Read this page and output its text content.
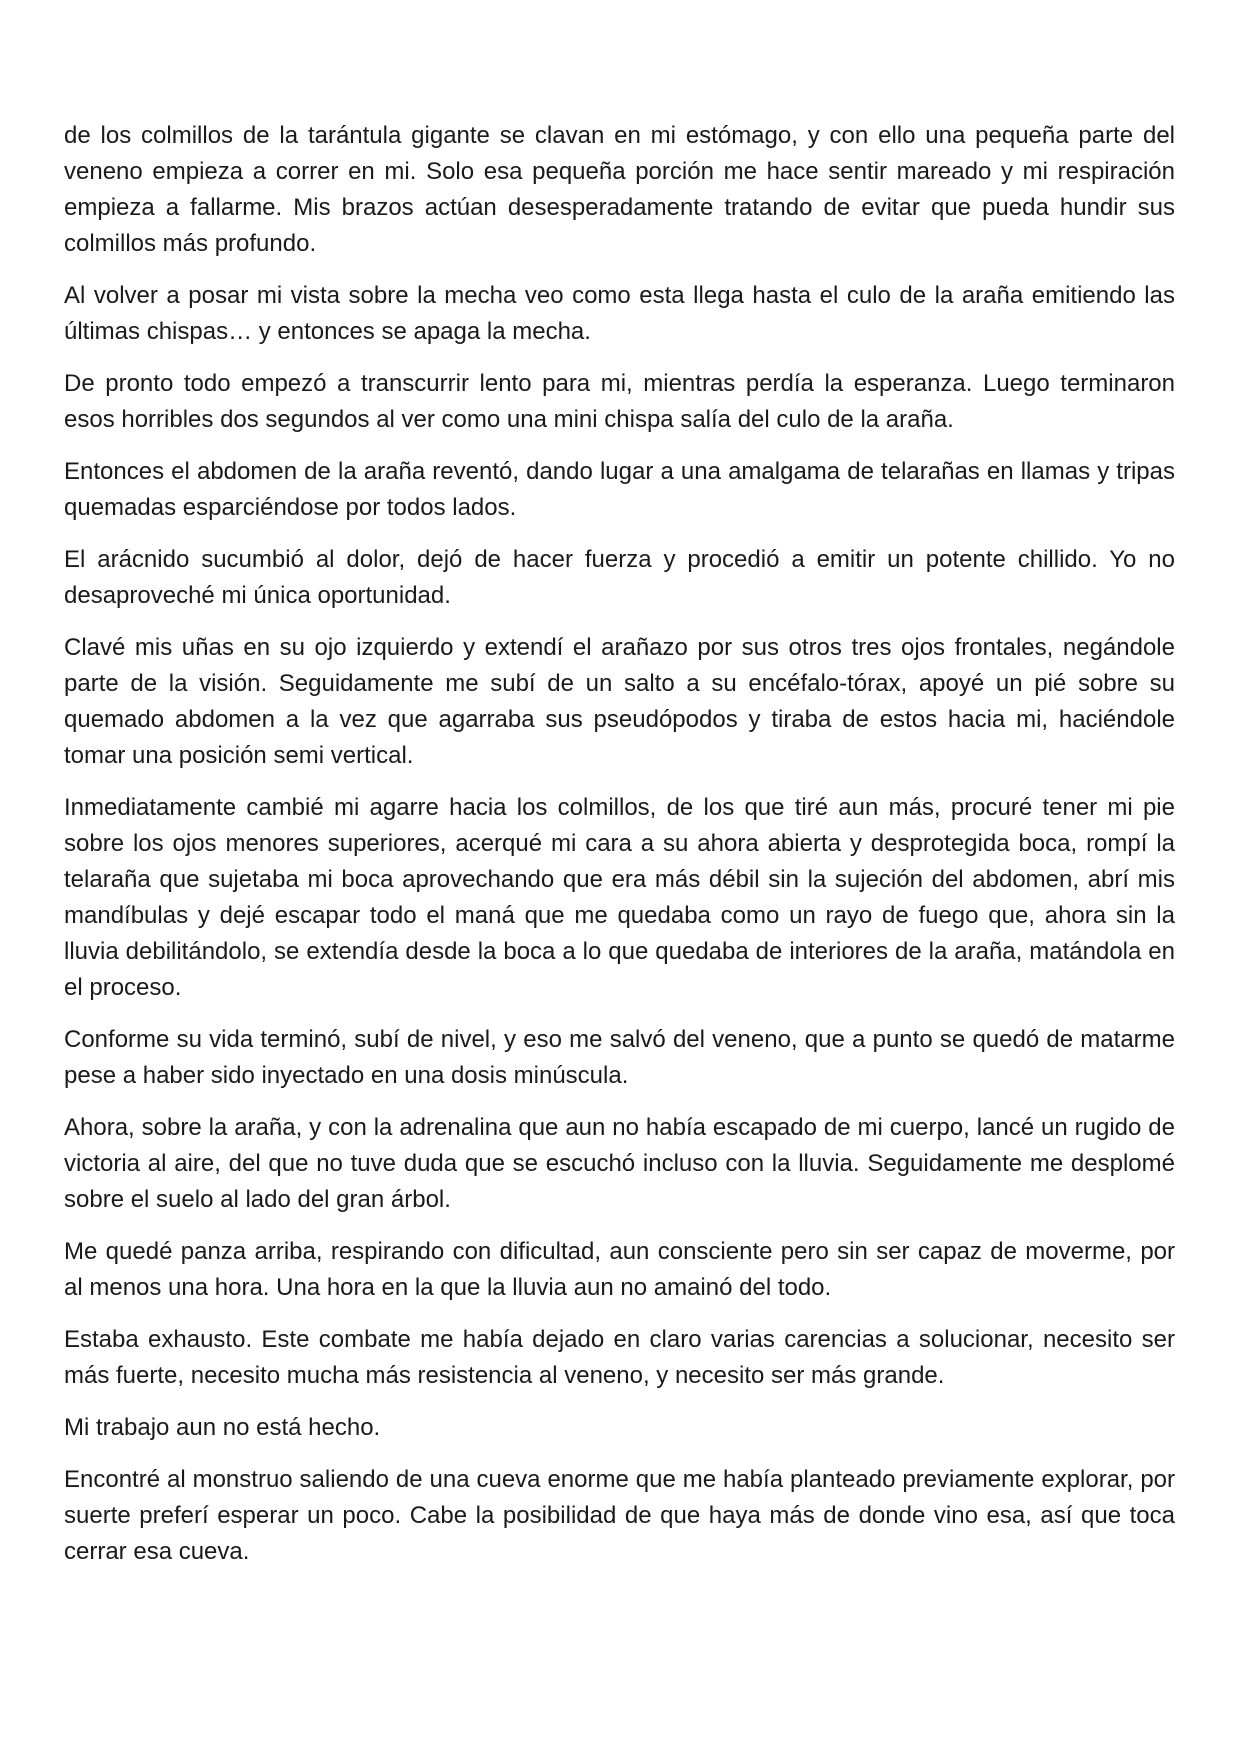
de los colmillos de la tarántula gigante se clavan en mi estómago, y con ello una pequeña parte del veneno empieza a correr en mi. Solo esa pequeña porción me hace sentir mareado y mi respiración empieza a fallarme. Mis brazos actúan desesperadamente tratando de evitar que pueda hundir sus colmillos más profundo.

Al volver a posar mi vista sobre la mecha veo como esta llega hasta el culo de la araña emitiendo las últimas chispas… y entonces se apaga la mecha.

De pronto todo empezó a transcurrir lento para mi, mientras perdía la esperanza. Luego terminaron esos horribles dos segundos al ver como una mini chispa salía del culo de la araña.

Entonces el abdomen de la araña reventó, dando lugar a una amalgama de telarañas en llamas y tripas quemadas esparciéndose por todos lados.

El arácnido sucumbió al dolor, dejó de hacer fuerza y procedió a emitir un potente chillido. Yo no desaproveché mi única oportunidad.

Clavé mis uñas en su ojo izquierdo y extendí el arañazo por sus otros tres ojos frontales, negándole parte de la visión. Seguidamente me subí de un salto a su encéfalo-tórax, apoyé un pié sobre su quemado abdomen a la vez que agarraba sus pseudópodos y tiraba de estos hacia mi, haciéndole tomar una posición semi vertical.

Inmediatamente cambié mi agarre hacia los colmillos, de los que tiré aun más, procuré tener mi pie sobre los ojos menores superiores, acerqué mi cara a su ahora abierta y desprotegida boca, rompí la telaraña que sujetaba mi boca aprovechando que era más débil sin la sujeción del abdomen, abrí mis mandíbulas y dejé escapar todo el maná que me quedaba como un rayo de fuego que, ahora sin la lluvia debilitándolo, se extendía desde la boca a lo que quedaba de interiores de la araña, matándola en el proceso.

Conforme su vida terminó, subí de nivel, y eso me salvó del veneno, que a punto se quedó de matarme pese a haber sido inyectado en una dosis minúscula.

Ahora, sobre la araña, y con la adrenalina que aun no había escapado de mi cuerpo, lancé un rugido de victoria al aire, del que no tuve duda que se escuchó incluso con la lluvia. Seguidamente me desplomé sobre el suelo al lado del gran árbol.

Me quedé panza arriba, respirando con dificultad, aun consciente pero sin ser capaz de moverme, por al menos una hora. Una hora en la que la lluvia aun no amainó del todo.

Estaba exhausto. Este combate me había dejado en claro varias carencias a solucionar, necesito ser más fuerte, necesito mucha más resistencia al veneno, y necesito ser más grande.

Mi trabajo aun no está hecho.

Encontré al monstruo saliendo de una cueva enorme que me había planteado previamente explorar, por suerte preferí esperar un poco. Cabe la posibilidad de que haya más de donde vino esa, así que toca cerrar esa cueva.
